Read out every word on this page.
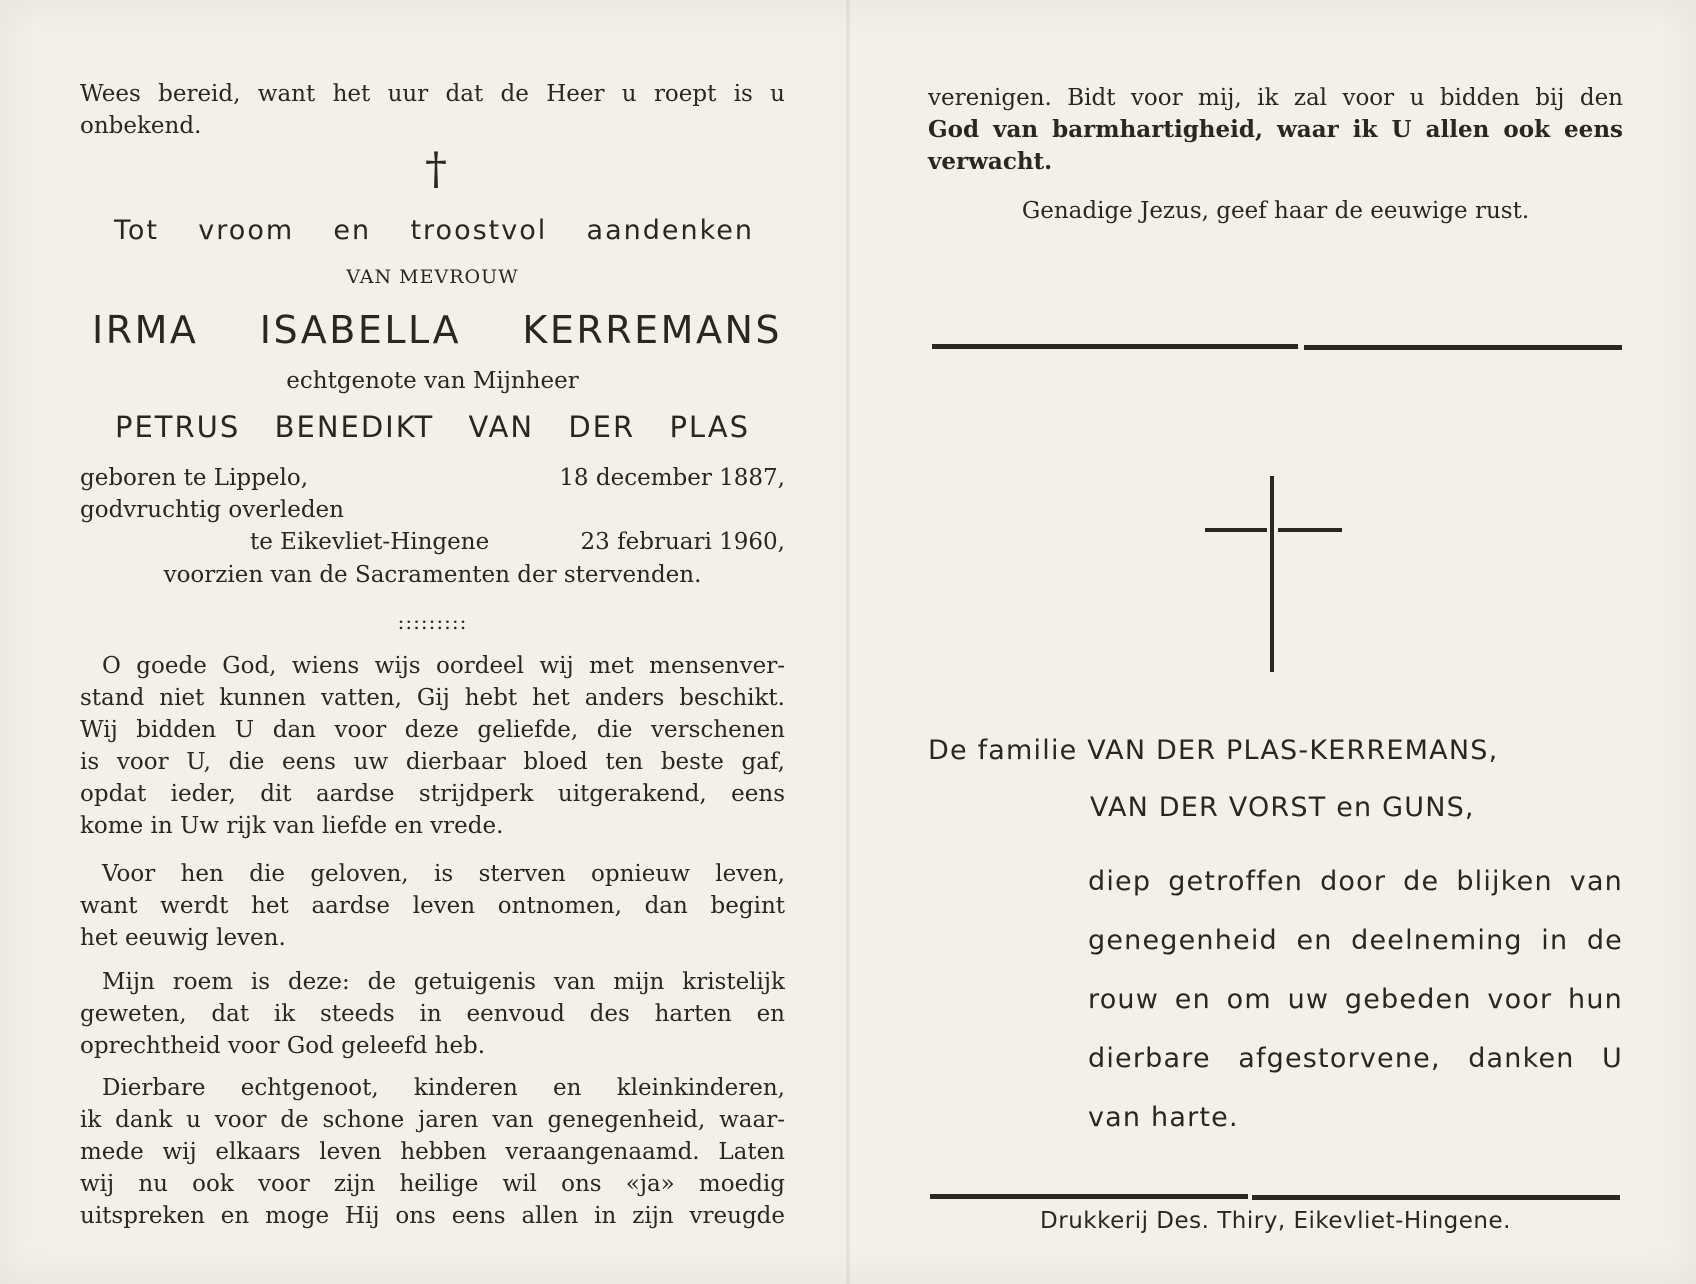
Wees bereid, want het uur dat de Heer u roept is u
onbekend.
†
Tot vroom en troostvol aandenken
VAN MEVROUW
IRMA ISABELLA KERREMANS
echtgenote van Mijnheer
PETRUS BENEDIKT VAN DER PLAS
geboren te Lippelo,	18 december 1887,
godvruchtig overleden
te Eikevliet-Hingene	23 februari 1960,
voorzien van de Sacramenten der stervenden.
:::::::::
O goede God, wiens wijs oordeel wij met mensenver-
stand niet kunnen vatten, Gij hebt het anders beschikt.
Wij bidden U dan voor deze geliefde, die verschenen
is voor U, die eens uw dierbaar bloed ten beste gaf,
opdat ieder, dit aardse strijdperk uitgerakend, eens
kome in Uw rijk van liefde en vrede.
Voor hen die geloven, is sterven opnieuw leven,
want werdt het aardse leven ontnomen, dan begint
het eeuwig leven.
Mijn roem is deze: de getuigenis van mijn kristelijk
geweten, dat ik steeds in eenvoud des harten en
oprechtheid voor God geleefd heb.
Dierbare echtgenoot, kinderen en kleinkinderen,
ik dank u voor de schone jaren van genegenheid, waar-
mede wij elkaars leven hebben veraangenaamd. Laten
wij nu ook voor zijn heilige wil ons «ja» moedig
uitspreken en moge Hij ons eens allen in zijn vreugde
verenigen. Bidt voor mij, ik zal voor u bidden bij den
God van barmhartigheid, waar ik U allen ook eens
verwacht.
Genadige Jezus, geef haar de eeuwige rust.
De familie VAN DER PLAS-KERREMANS,
VAN DER VORST en GUNS,
diep getroffen door de blijken van
genegenheid en deelneming in de
rouw en om uw gebeden voor hun
dierbare afgestorvene, danken U
van harte.
Drukkerij Des. Thiry, Eikevliet-Hingene.
